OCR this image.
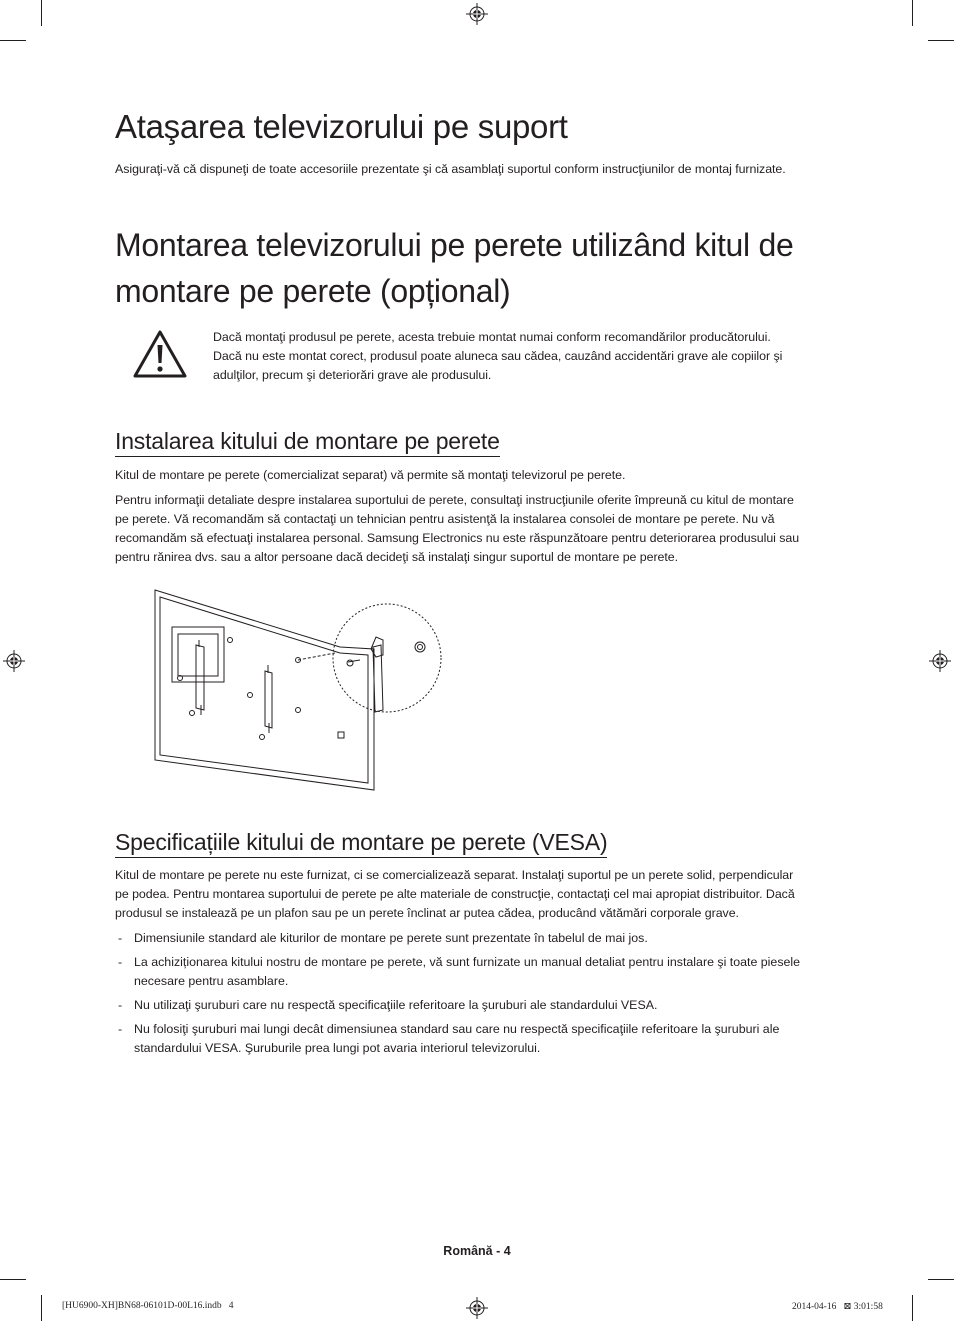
Ataşarea televizorului pe suport

Asiguraţi-vă că dispuneţi de toate accesoriile prezentate şi că asamblaţi suportul conform instrucţiunilor de montaj furnizate.

Montarea televizorului pe perete utilizând kitul de
montare pe perete (opțional)

Dacă montaţi produsul pe perete, acesta trebuie montat numai conform recomandărilor producătorului.

Dacă nu este montat corect, produsul poate aluneca sau cădea, cauzând accidentări grave ale copiilor şi

adulţilor, precum şi deteriorări grave ale produsului.

Instalarea kitului de montare pe perete

Kitul de montare pe perete (comercializat separat) vă permite să montaţi televizorul pe perete.

Pentru informaţii detaliate despre instalarea suportului de perete, consultaţi instrucţiunile oferite împreună cu kitul de montare

pe perete. Vă recomandăm să contactaţi un tehnician pentru asistenţă la instalarea consolei de montare pe perete. Nu vă

recomandăm să efectuaţi instalarea personal. Samsung Electronics nu este răspunzătoare pentru deteriorarea produsului sau

pentru rănirea dvs. sau a altor persoane dacă decideţi să instalaţi singur suportul de montare pe perete.

Specificațiile kitului de montare pe perete (VESA)

Kitul de montare pe perete nu este furnizat, ci se comercializează separat. Instalaţi suportul pe un perete solid, perpendicular

pe podea. Pentru montarea suportului de perete pe alte materiale de construcţie, contactaţi cel mai apropiat distribuitor. Dacă

produsul se instalează pe un plafon sau pe un perete înclinat ar putea cădea, producând vătămări corporale grave.

- Dimensiunile standard ale kiturilor de montare pe perete sunt prezentate în tabelul de mai jos.
- La achiziționarea kitului nostru de montare pe perete, vă sunt furnizate un manual detaliat pentru instalare şi toate piesele
necesare pentru asamblare.
- Nu utilizaţi şuruburi care nu respectă specificaţiile referitoare la şuruburi ale standardului VESA.
- Nu folosiţi şuruburi mai lungi decât dimensiunea standard sau care nu respectă specificaţiile referitoare la şuruburi ale
standardului VESA. Şuruburile prea lungi pot avaria interiorul televizorului.
Română - 4
[HU6900-XH]BN68-06101D-00L16.indb   4	2014-04-16   ⊠ 3:01:58
